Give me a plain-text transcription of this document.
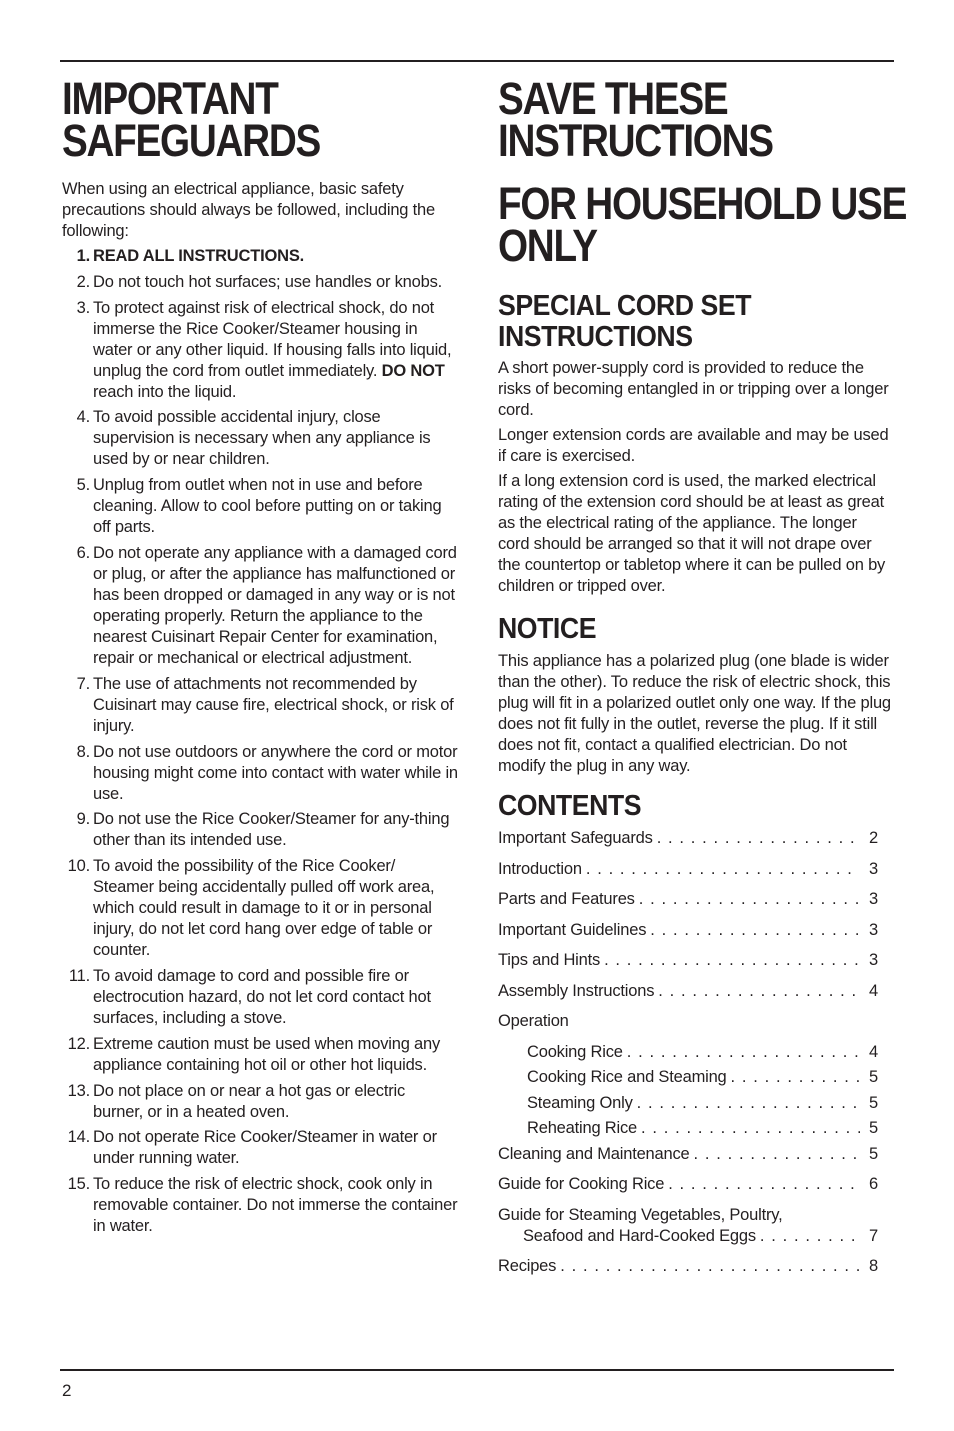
IMPORTANT
SAFEGUARDS

When using an electrical appliance, basic safety precautions should always be followed, including the following:

1. READ ALL INSTRUCTIONS.
2. Do not touch hot surfaces; use handles or knobs.
3. To protect against risk of electrical shock, do not immerse the Rice Cooker/Steamer housing in water or any other liquid. If housing falls into liquid, unplug the cord from outlet immediately. DO NOT reach into the liquid.
4. To avoid possible accidental injury, close supervision is necessary when any appliance is used by or near children.
5. Unplug from outlet when not in use and before cleaning. Allow to cool before putting on or taking off parts.
6. Do not operate any appliance with a damaged cord or plug, or after the appliance has malfunctioned or has been dropped or damaged in any way or is not operating properly. Return the appliance to the nearest Cuisinart Repair Center for examination, repair or mechanical or electrical adjustment.
7. The use of attachments not recommended by Cuisinart may cause fire, electrical shock, or risk of injury.
8. Do not use outdoors or anywhere the cord or motor housing might come into contact with water while in use.
9. Do not use the Rice Cooker/Steamer for any-thing other than its intended use.
10. To avoid the possibility of the Rice Cooker/ Steamer being accidentally pulled off work area, which could result in damage to it or in personal injury, do not let cord hang over edge of table or counter.
11. To avoid damage to cord and possible fire or electrocution hazard, do not let cord contact hot surfaces, including a stove.
12. Extreme caution must be used when moving any appliance containing hot oil or other hot liquids.
13. Do not place on or near a hot gas or electric burner, or in a heated oven.
14. Do not operate Rice Cooker/Steamer in water or under running water.
15. To reduce the risk of electric shock, cook only in removable container. Do not immerse the container in water.
SAVE THESE
INSTRUCTIONS
FOR HOUSEHOLD USE
ONLY
SPECIAL CORD SET
INSTRUCTIONS

A short power-supply cord is provided to reduce the risks of becoming entangled in or tripping over a longer cord.

Longer extension cords are available and may be used if care is exercised.

If a long extension cord is used, the marked electrical rating of the extension cord should be at least as great as the electrical rating of the appliance. The longer cord should be arranged so that it will not drape over the countertop or tabletop where it can be pulled on by children or tripped over.

NOTICE

This appliance has a polarized plug (one blade is wider than the other). To reduce the risk of electric shock, this plug will fit in a polarized outlet only one way. If the plug does not fit fully in the outlet, reverse the plug. If it still does not fit, contact a qualified electrician. Do not modify the plug in any way.

CONTENTS
Important Safeguards . . .	2
Introduction . . .	3
Parts and Features . . .	3
Important Guidelines . . .	3
Tips and Hints . . .	3
Assembly Instructions . . .	4
Operation
Cooking Rice . . .	4
Cooking Rice and Steaming . . .	5
Steaming Only . . .	5
Reheating Rice . . .	5
Cleaning and Maintenance . . .	5
Guide for Cooking Rice . . .	6
Guide for Steaming Vegetables, Poultry,
Seafood and Hard-Cooked Eggs . . .	7
Recipes . . .	8
2
